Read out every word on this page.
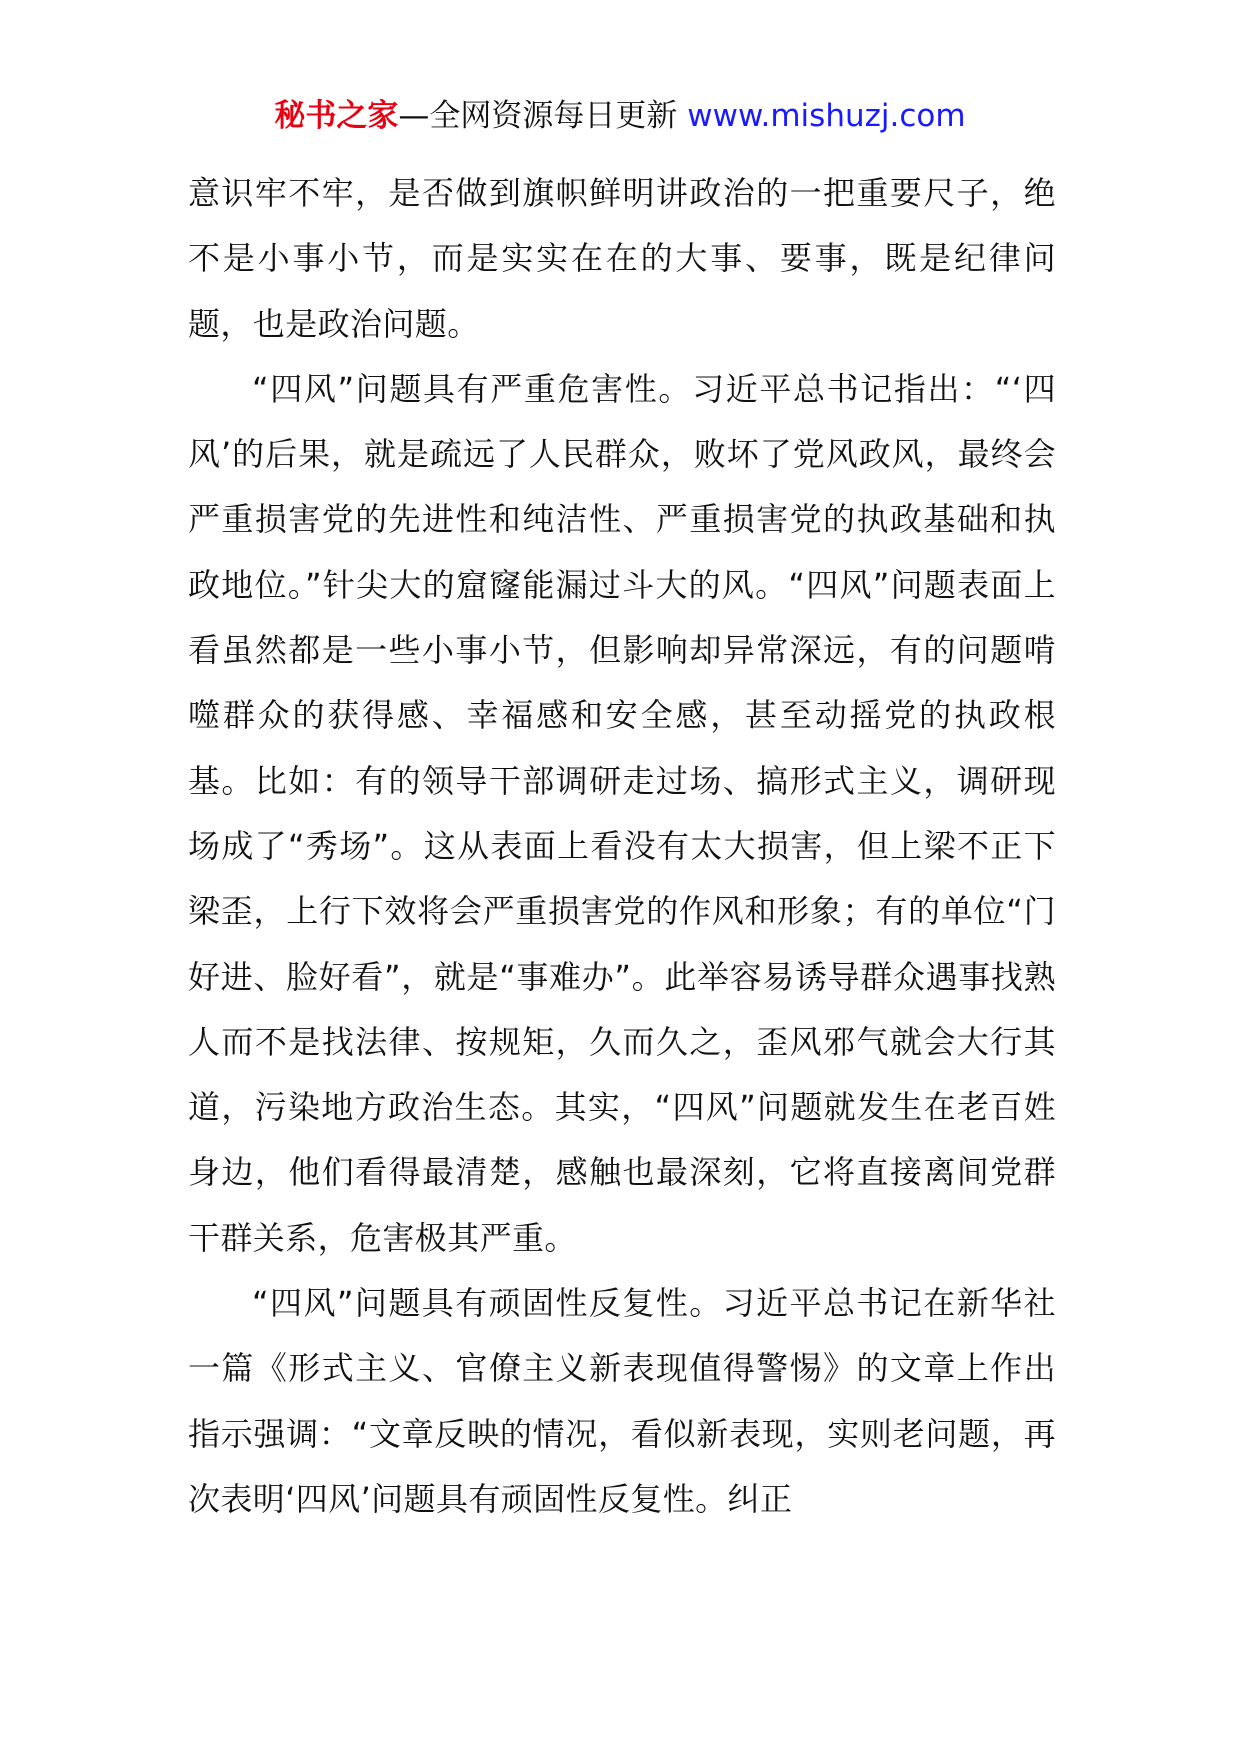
秘书之家—全网资源每日更新 www.mishuzj.com

意识牢不牢，是否做到旗帜鲜明讲政治的一把重要尺子，绝不是小事小节，而是实实在在的大事、要事，既是纪律问题，也是政治问题。

“四风”问题具有严重危害性。习近平总书记指出：“‘四风’的后果，就是疏远了人民群众，败坏了党风政风，最终会严重损害党的先进性和纯洁性、严重损害党的执政基础和执政地位。”针尖大的窟窿能漏过斗大的风。“四风”问题表面上看虽然都是一些小事小节，但影响却异常深远，有的问题啃噬群众的获得感、幸福感和安全感，甚至动摇党的执政根基。比如：有的领导干部调研走过场、搞形式主义，调研现场成了“秀场”。这从表面上看没有太大损害，但上梁不正下梁歪，上行下效将会严重损害党的作风和形象；有的单位“门好进、脸好看”，就是“事难办”。此举容易诱导群众遇事找熟人而不是找法律、按规矩，久而久之，歪风邪气就会大行其道，污染地方政治生态。其实，“四风”问题就发生在老百姓身边，他们看得最清楚，感触也最深刻，它将直接离间党群干群关系，危害极其严重。

“四风”问题具有顽固性反复性。习近平总书记在新华社一篇《形式主义、官僚主义新表现值得警惕》的文章上作出指示强调：“文章反映的情况，看似新表现，实则老问题，再次表明‘四风’问题具有顽固性反复性。纠正
